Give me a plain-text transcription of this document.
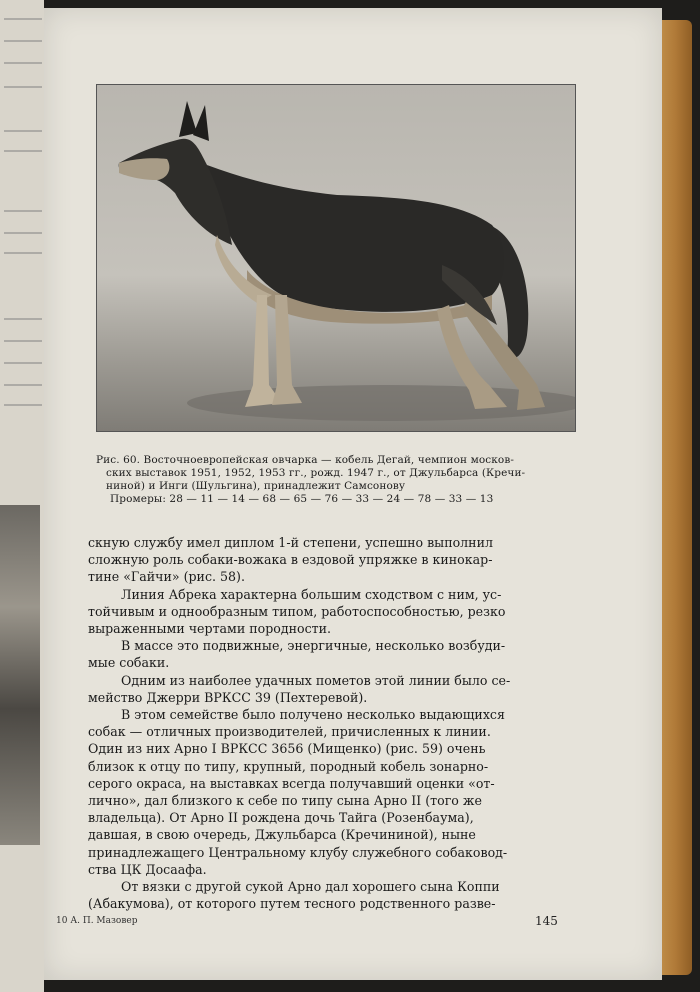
Рис. 60. Восточноевропейская овчарка — кобель Дегай, чемпион москов-
ских выставок 1951, 1952, 1953 гг., рожд. 1947 г., от Джульбарса (Кречи-
ниной) и Инги (Шульгина), принадлежит Самсонову
Промеры: 28 — 11 — 14 — 68 — 65 — 76 — 33 — 24 — 78 — 33 — 13
скную службу имел диплом 1-й степени, успешно выполнил
сложную роль собаки-вожака в ездовой упряжке в кинокар-
тине «Гайчи» (рис. 58).
Линия Абрека характерна большим сходством с ним, ус-
тойчивым и однообразным типом, работоспособностью, резко
выраженными чертами породности.
В массе это подвижные, энергичные, несколько возбуди-
мые собаки.
Одним из наиболее удачных пометов этой линии было се-
мейство Джерри ВРКСС 39 (Пехтеревой).
В этом семействе было получено несколько выдающихся
собак — отличных производителей, причисленных к линии.
Один из них Арно I ВРКСС 3656 (Мищенко) (рис. 59) очень
близок к отцу по типу, крупный, породный кобель зонарно-
серого окраса, на выставках всегда получавший оценки «от-
лично», дал близкого к себе по типу сына Арно II (того же
владельца). От Арно II рождена дочь Тайга (Розенбаума),
давшая, в свою очередь, Джульбарса (Кречининой), ныне
принадлежащего Центральному клубу служебного собаковод-
ства ЦК Досаафа.
От вязки с другой сукой Арно дал хорошего сына Коппи
(Абакумова), от которого путем тесного родственного разве-
10 А. П. Мазовер	145
